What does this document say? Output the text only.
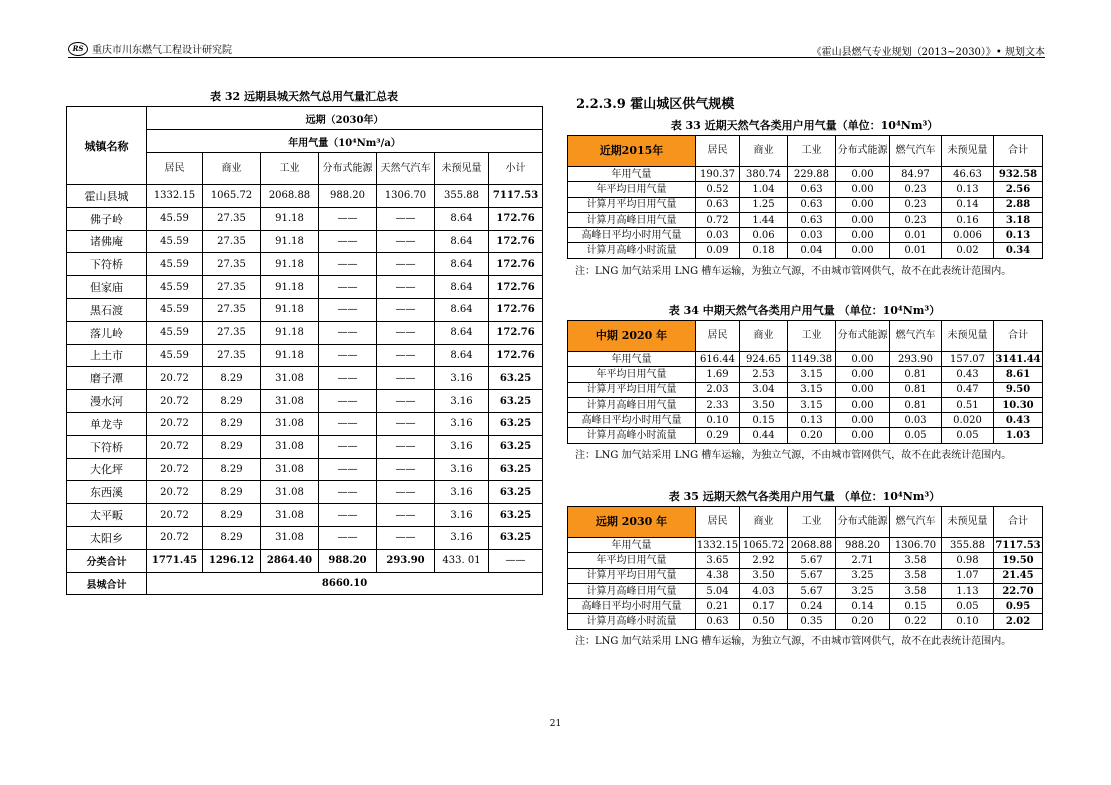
RS 重庆市川东燃气工程设计研究院	《霍山县燃气专业规划（2013~2030）》• 规划文本
表 32 远期县城天然气总用气量汇总表
城镇名称	远期（2030年）						
	年用气量（10⁴Nm³/a）						
	居民	商业	工业	分布式能源	天然气汽车	未预见量	小计
霍山县城	1332.15	1065.72	2068.88	988.20	1306.70	355.88	7117.53
佛子岭	45.59	27.35	91.18	——	——	8.64	172.76
诸佛庵	45.59	27.35	91.18	——	——	8.64	172.76
下符桥	45.59	27.35	91.18	——	——	8.64	172.76
但家庙	45.59	27.35	91.18	——	——	8.64	172.76
黑石渡	45.59	27.35	91.18	——	——	8.64	172.76
落儿岭	45.59	27.35	91.18	——	——	8.64	172.76
上土市	45.59	27.35	91.18	——	——	8.64	172.76
磨子潭	20.72	8.29	31.08	——	——	3.16	63.25
漫水河	20.72	8.29	31.08	——	——	3.16	63.25
单龙寺	20.72	8.29	31.08	——	——	3.16	63.25
下符桥	20.72	8.29	31.08	——	——	3.16	63.25
大化坪	20.72	8.29	31.08	——	——	3.16	63.25
东西溪	20.72	8.29	31.08	——	——	3.16	63.25
太平畈	20.72	8.29	31.08	——	——	3.16	63.25
太阳乡	20.72	8.29	31.08	——	——	3.16	63.25
分类合计	1771.45	1296.12	2864.40	988.20	293.90	433. 01	——
县城合计	8660.10						
2.2.3.9 霍山城区供气规模
表 33 近期天然气各类用户用气量（单位：10⁴Nm³）
近期2015年	居民	商业	工业	分布式能源	燃气汽车	未预见量	合计
年用气量	190.37	380.74	229.88	0.00	84.97	46.63	932.58
年平均日用气量	0.52	1.04	0.63	0.00	0.23	0.13	2.56
计算月平均日用气量	0.63	1.25	0.63	0.00	0.23	0.14	2.88
计算月高峰日用气量	0.72	1.44	0.63	0.00	0.23	0.16	3.18
高峰日平均小时用气量	0.03	0.06	0.03	0.00	0.01	0.006	0.13
计算月高峰小时流量	0.09	0.18	0.04	0.00	0.01	0.02	0.34
注：LNG 加气站采用 LNG 槽车运输，为独立气源，不由城市管网供气，故不在此表统计范围内。
表 34 中期天然气各类用户用气量 （单位：10⁴Nm³）
中期 2020 年	居民	商业	工业	分布式能源	燃气汽车	未预见量	合计
年用气量	616.44	924.65	1149.38	0.00	293.90	157.07	3141.44
年平均日用气量	1.69	2.53	3.15	0.00	0.81	0.43	8.61
计算月平均日用气量	2.03	3.04	3.15	0.00	0.81	0.47	9.50
计算月高峰日用气量	2.33	3.50	3.15	0.00	0.81	0.51	10.30
高峰日平均小时用气量	0.10	0.15	0.13	0.00	0.03	0.020	0.43
计算月高峰小时流量	0.29	0.44	0.20	0.00	0.05	0.05	1.03
注：LNG 加气站采用 LNG 槽车运输，为独立气源，不由城市管网供气，故不在此表统计范围内。
表 35 远期天然气各类用户用气量 （单位：10⁴Nm³）
远期 2030 年	居民	商业	工业	分布式能源	燃气汽车	未预见量	合计
年用气量	1332.15	1065.72	2068.88	988.20	1306.70	355.88	7117.53
年平均日用气量	3.65	2.92	5.67	2.71	3.58	0.98	19.50
计算月平均日用气量	4.38	3.50	5.67	3.25	3.58	1.07	21.45
计算月高峰日用气量	5.04	4.03	5.67	3.25	3.58	1.13	22.70
高峰日平均小时用气量	0.21	0.17	0.24	0.14	0.15	0.05	0.95
计算月高峰小时流量	0.63	0.50	0.35	0.20	0.22	0.10	2.02
注：LNG 加气站采用 LNG 槽车运输，为独立气源，不由城市管网供气，故不在此表统计范围内。
21
